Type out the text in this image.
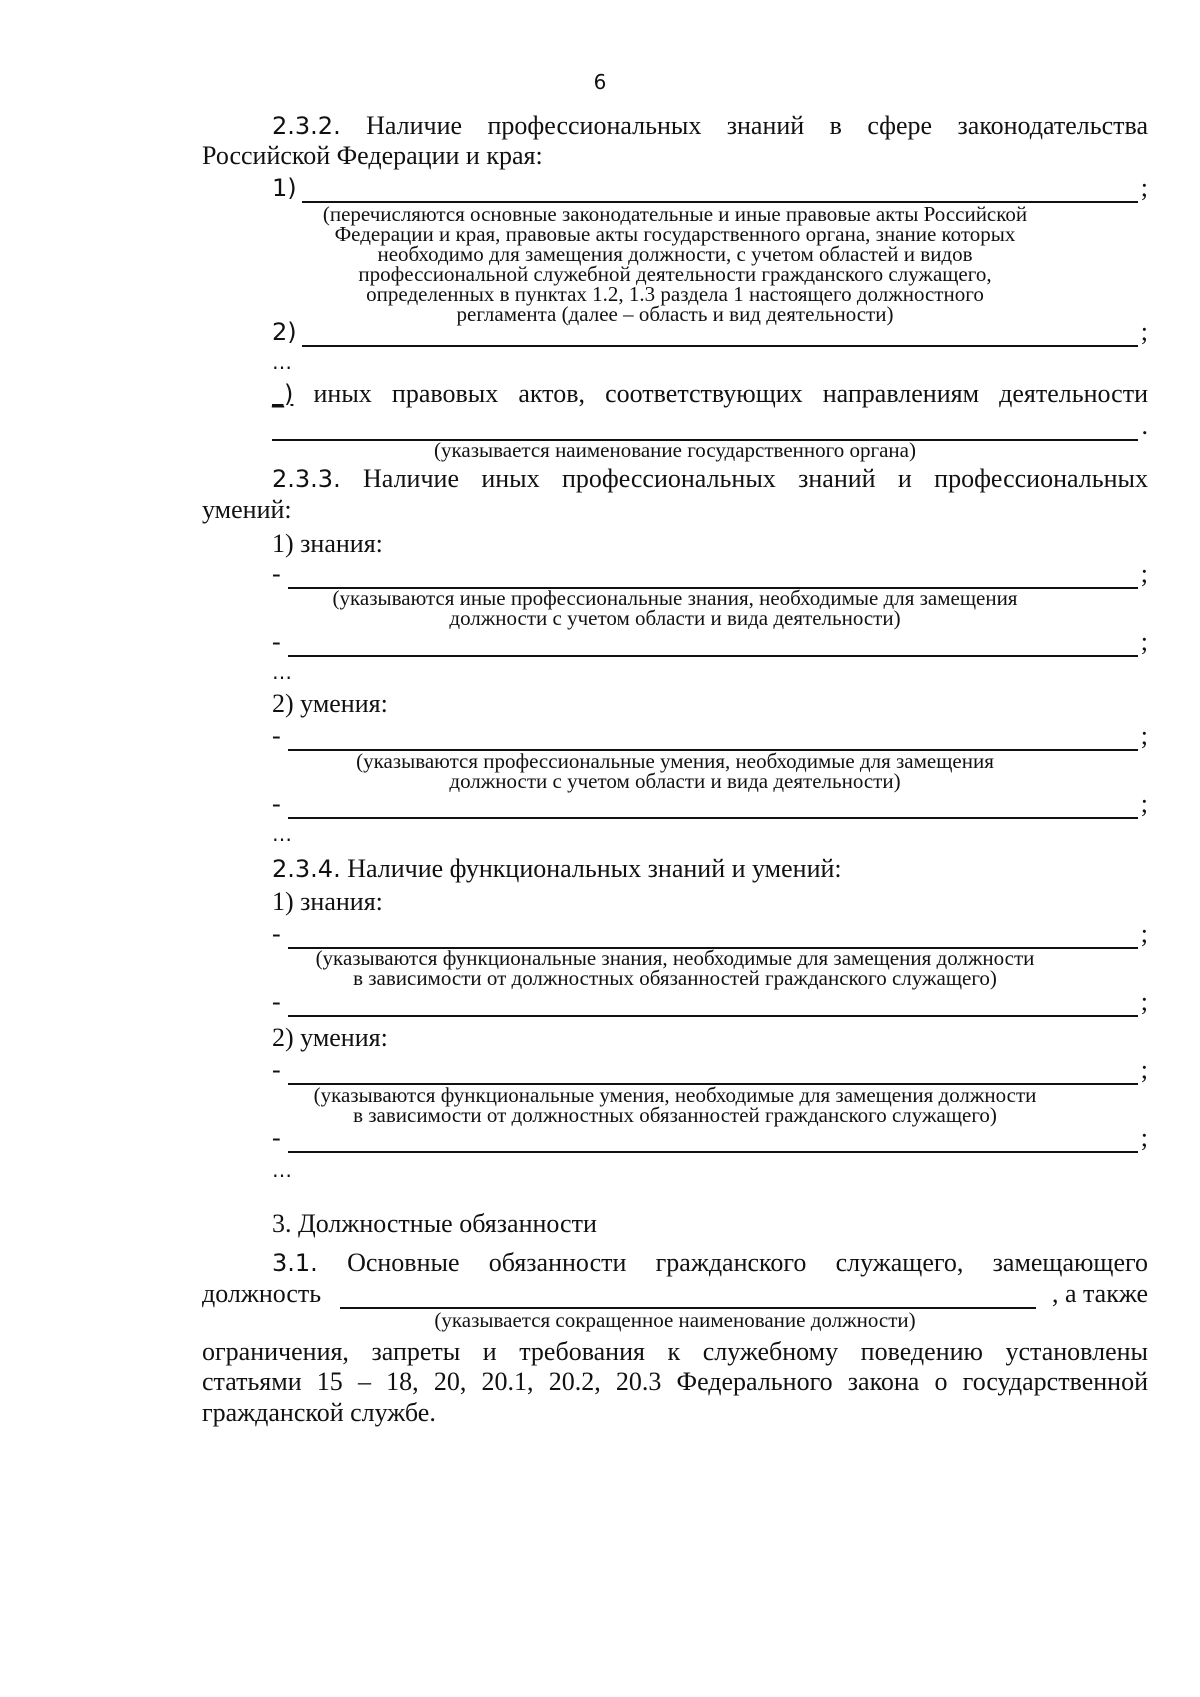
6
2.3.2. Наличие профессиональных знаний в сфере законодательства
Российской Федерации и края:
1)	;
(перечисляются основные законодательные и иные правовые акты Российской
Федерации и края, правовые акты государственного органа, знание которых
необходимо для замещения должности, с учетом областей и видов
профессиональной служебной деятельности гражданского служащего,
определенных в пунктах 1.2, 1.3 раздела 1 настоящего должностного
регламента (далее – область и вид деятельности)
2)	;
…
_) иных правовых актов, соответствующих направлениям деятельности
.
(указывается наименование государственного органа)
2.3.3. Наличие иных профессиональных знаний и профессиональных
умений:
1) знания:
-	;
(указываются иные профессиональные знания, необходимые для замещения
должности с учетом области и вида деятельности)
-	;
…
2) умения:
-	;
(указываются профессиональные умения, необходимые для замещения
должности с учетом области и вида деятельности)
-	;
…
2.3.4. Наличие функциональных знаний и умений:
1) знания:
-	;
(указываются функциональные знания, необходимые для замещения должности
в зависимости от должностных обязанностей гражданского служащего)
-	;
2) умения:
-	;
(указываются функциональные умения, необходимые для замещения должности
в зависимости от должностных обязанностей гражданского служащего)
-	;
…
3. Должностные обязанности
3.1. Основные обязанности гражданского служащего, замещающего
должность	, а также
(указывается сокращенное наименование должности)
ограничения, запреты и требования к служебному поведению установлены
статьями 15 – 18, 20, 20.1, 20.2, 20.3 Федерального закона о государственной
гражданской службе.
